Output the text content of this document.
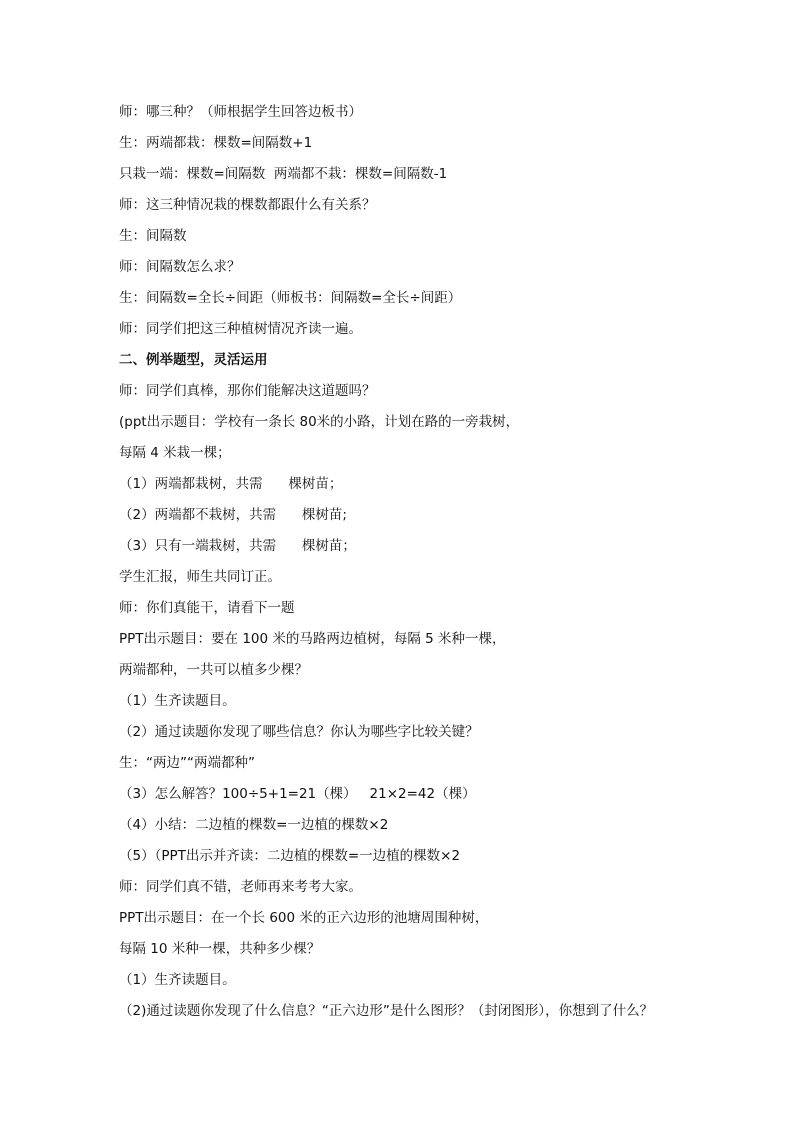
师：哪三种？（师根据学生回答边板书）
生：两端都栽：棵数=间隔数+1
只栽一端：棵数=间隔数  两端都不栽：棵数=间隔数-1
师：这三种情况栽的棵数都跟什么有关系？
生：间隔数
师：间隔数怎么求？
生：间隔数=全长÷间距（师板书：间隔数=全长÷间距）
师：同学们把这三种植树情况齐读一遍。
二、例举题型，灵活运用
师：同学们真棒，那你们能解决这道题吗？
(ppt出示题目：学校有一条长 80米的小路，计划在路的一旁栽树，
每隔 4 米栽一棵；
（1）两端都栽树，共需      棵树苗；
（2）两端都不栽树，共需      棵树苗;
（3）只有一端栽树，共需      棵树苗；
学生汇报，师生共同订正。
师：你们真能干，请看下一题
PPT出示题目：要在 100 米的马路两边植树，每隔 5 米种一棵，
两端都种，一共可以植多少棵？
（1）生齐读题目。
（2）通过读题你发现了哪些信息？你认为哪些字比较关键？
生：“两边”“两端都种”
（3）怎么解答？100÷5+1=21（棵）   21×2=42（棵）
（4）小结：二边植的棵数=一边植的棵数×2
（5）（PPT出示并齐读：二边植的棵数=一边植的棵数×2
师：同学们真不错，老师再来考考大家。
PPT出示题目：在一个长 600 米的正六边形的池塘周围种树，
每隔 10 米种一棵，共种多少棵？
（1）生齐读题目。
（2)通过读题你发现了什么信息？“正六边形”是什么图形？（封闭图形），你想到了什么？
